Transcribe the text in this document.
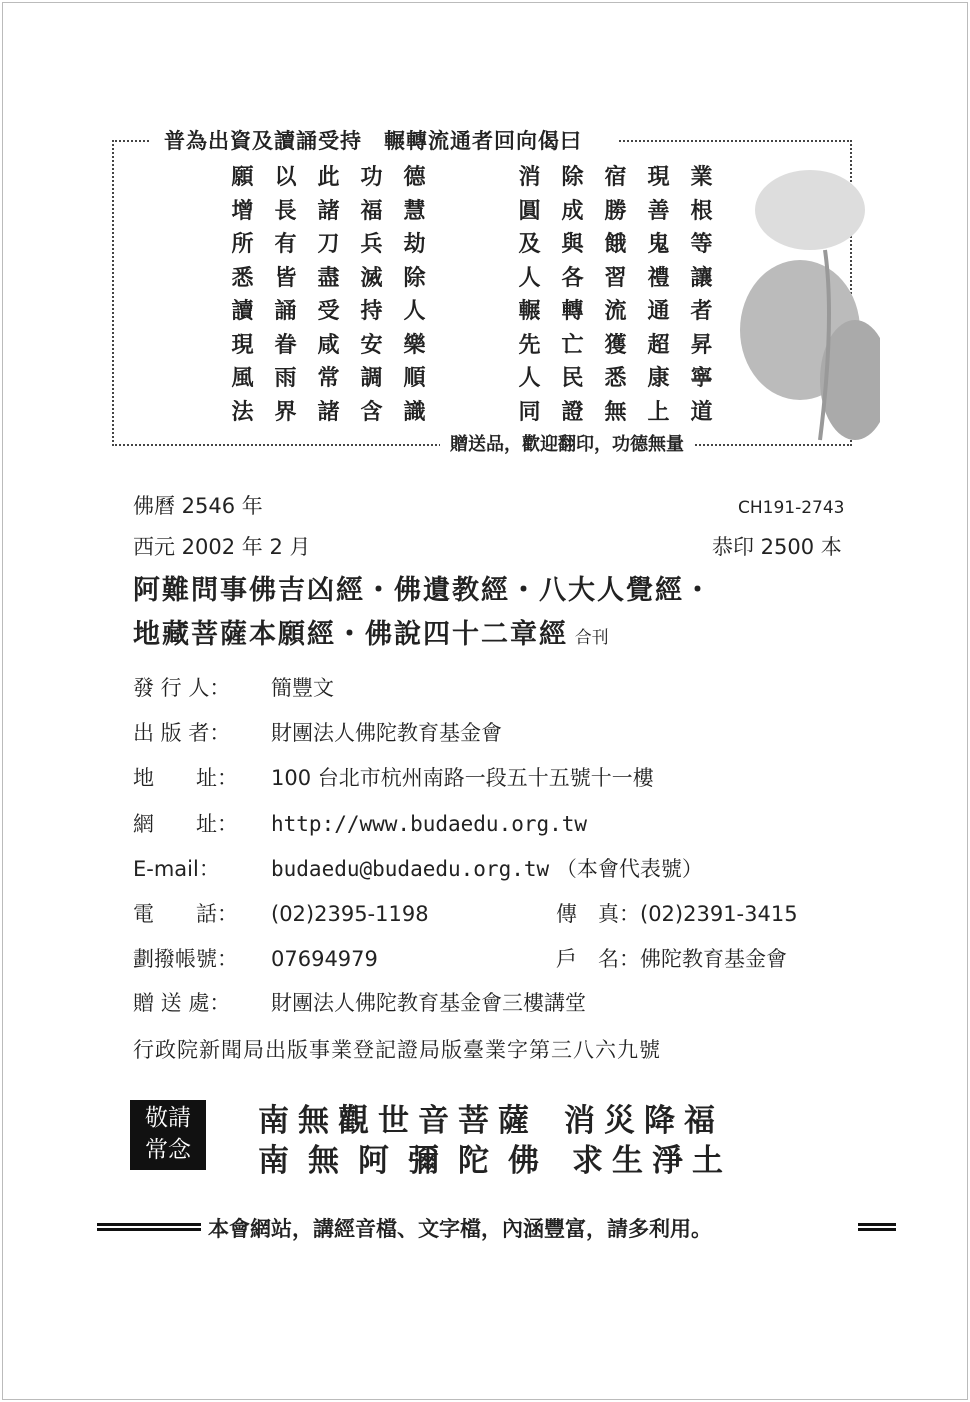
普為出資及讀誦受持 輾轉流通者回向偈曰
願 以 此 功 德	消 除 宿 現 業
增 長 諸 福 慧	圓 成 勝 善 根
所 有 刀 兵 劫	及 與 餓 鬼 等
悉 皆 盡 滅 除	人 各 習 禮 讓
讀 誦 受 持 人	輾 轉 流 通 者
現 眷 咸 安 樂	先 亡 獲 超 昇
風 雨 常 調 順	人 民 悉 康 寧
法 界 諸 含 識	同 證 無 上 道
贈送品，歡迎翻印，功德無量
佛曆 2546 年	CH191-2743
西元 2002 年 2 月	恭印 2500 本
阿難問事佛吉凶經・佛遺教經・八大人覺經・
地藏菩薩本願經・佛說四十二章經 合刊
發 行 人： 簡豐文
出 版 者： 財團法人佛陀教育基金會
地　　址： 100 台北市杭州南路一段五十五號十一樓
網　　址： http://www.budaedu.org.tw
E-mail： budaedu@budaedu.org.tw （本會代表號）
電　　話： (02)2395-1198	傳　真：(02)2391-3415
劃撥帳號： 07694979	戶　名：佛陀教育基金會
贈 送 處： 財團法人佛陀教育基金會三樓講堂
行政院新聞局出版事業登記證局版臺業字第三八六九號
敬請
常念
南無觀世音菩薩 消災降福
南無阿彌陀佛 求生淨土
本會網站，講經音檔、文字檔，內涵豐富，請多利用。
